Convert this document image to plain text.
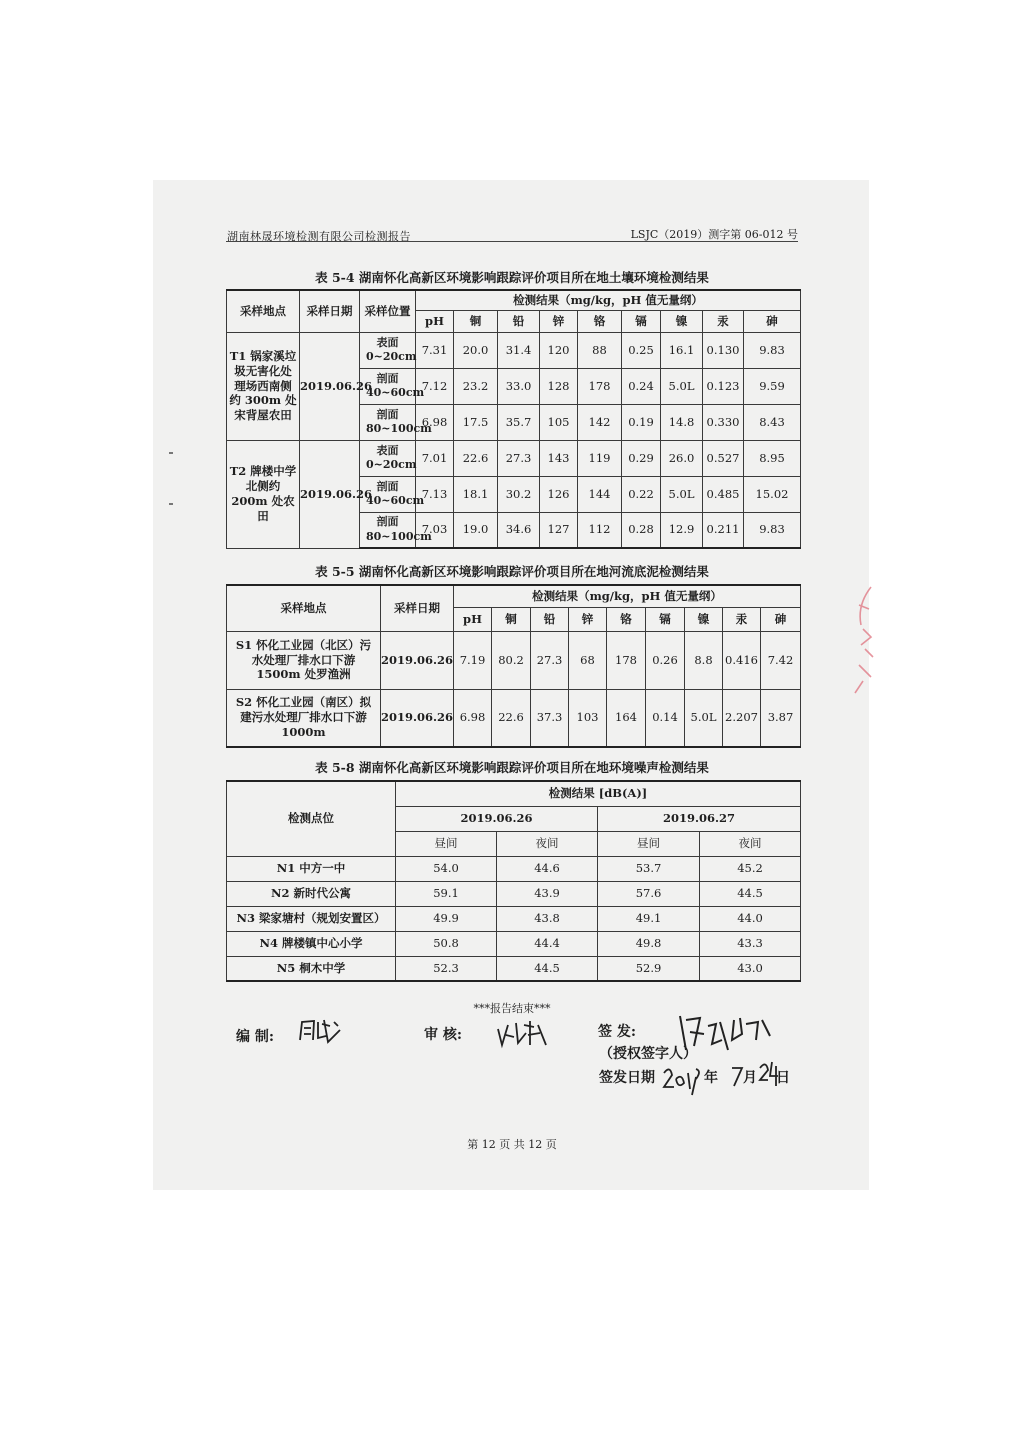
湖南林晟环境检测有限公司检测报告	LSJC（2019）测字第 06-012 号
表 5-4 湖南怀化高新区环境影响跟踪评价项目所在地土壤环境检测结果
采样地点	采样日期	采样位置	检测结果（mg/kg，pH 值无量纲）								
			pH	铜	铅	锌	铬	镉	镍	汞	砷
T1 锅家溪垃圾无害化处理场西南侧约 300m 处宋背屋农田	2019.06.26	表面 0~20cm	7.31	20.0	31.4	120	88	0.25	16.1	0.130	9.83
		剖面 40~60cm	7.12	23.2	33.0	128	178	0.24	5.0L	0.123	9.59
		剖面 80~100cm	6.98	17.5	35.7	105	142	0.19	14.8	0.330	8.43
T2 牌楼中学北侧约 200m 处农田	2019.06.26	表面 0~20cm	7.01	22.6	27.3	143	119	0.29	26.0	0.527	8.95
		剖面 40~60cm	7.13	18.1	30.2	126	144	0.22	5.0L	0.485	15.02
		剖面 80~100cm	7.03	19.0	34.6	127	112	0.28	12.9	0.211	9.83
表 5-5 湖南怀化高新区环境影响跟踪评价项目所在地河流底泥检测结果
采样地点	采样日期	检测结果（mg/kg，pH 值无量纲）								
		pH	铜	铅	锌	铬	镉	镍	汞	砷
S1 怀化工业园（北区）污水处理厂排水口下游 1500m 处罗渔洲	2019.06.26	7.19	80.2	27.3	68	178	0.26	8.8	0.416	7.42
S2 怀化工业园（南区）拟建污水处理厂排水口下游 1000m	2019.06.26	6.98	22.6	37.3	103	164	0.14	5.0L	2.207	3.87
表 5-8 湖南怀化高新区环境影响跟踪评价项目所在地环境噪声检测结果
检测点位	检测结果 [dB(A)]			
	2019.06.26		2019.06.27	
	昼间	夜间	昼间	夜间
N1 中方一中	54.0	44.6	53.7	45.2
N2 新时代公寓	59.1	43.9	57.6	44.5
N3 梁家塘村（规划安置区）	49.9	43.8	49.1	44.0
N4 牌楼镇中心小学	50.8	44.4	49.8	43.3
N5 桐木中学	52.3	44.5	52.9	43.0
***报告结束***
编 制:	审 核:	签 发:
（授权签字人）
签发日期	年 月 日
第 12 页 共 12 页
